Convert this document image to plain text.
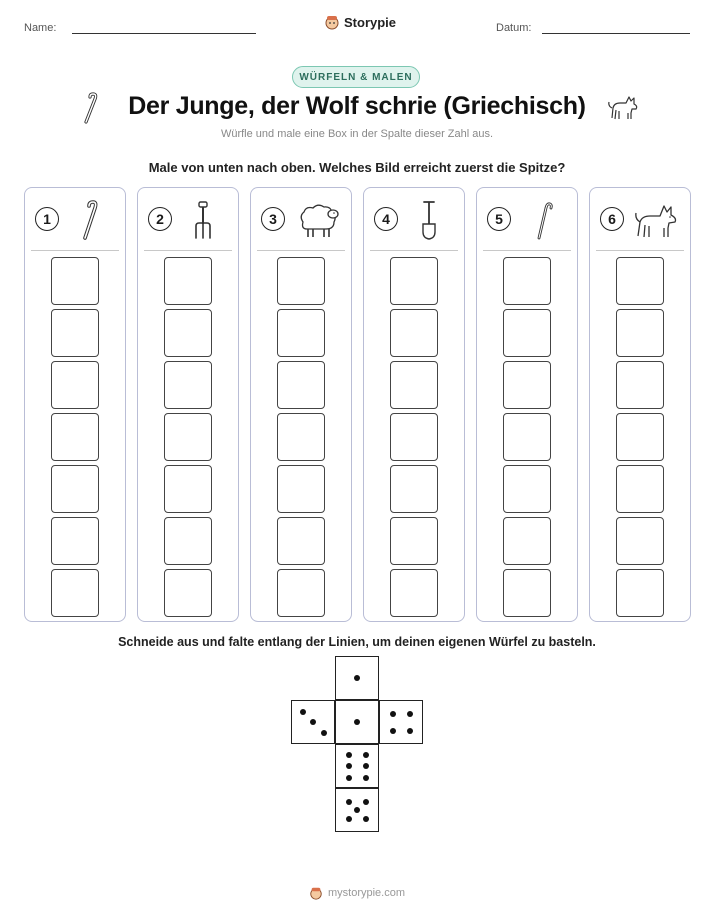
Name:	Storypie	Datum:
WÜRFELN & MALEN
Der Junge, der Wolf schrie (Griechisch)
Würfle und male eine Box in der Spalte dieser Zahl aus.
Male von unten nach oben. Welches Bild erreicht zuerst die Spitze?
1	2	3	4	5	6
Schneide aus und falte entlang der Linien, um deinen eigenen Würfel zu basteln.
mystorypie.com
